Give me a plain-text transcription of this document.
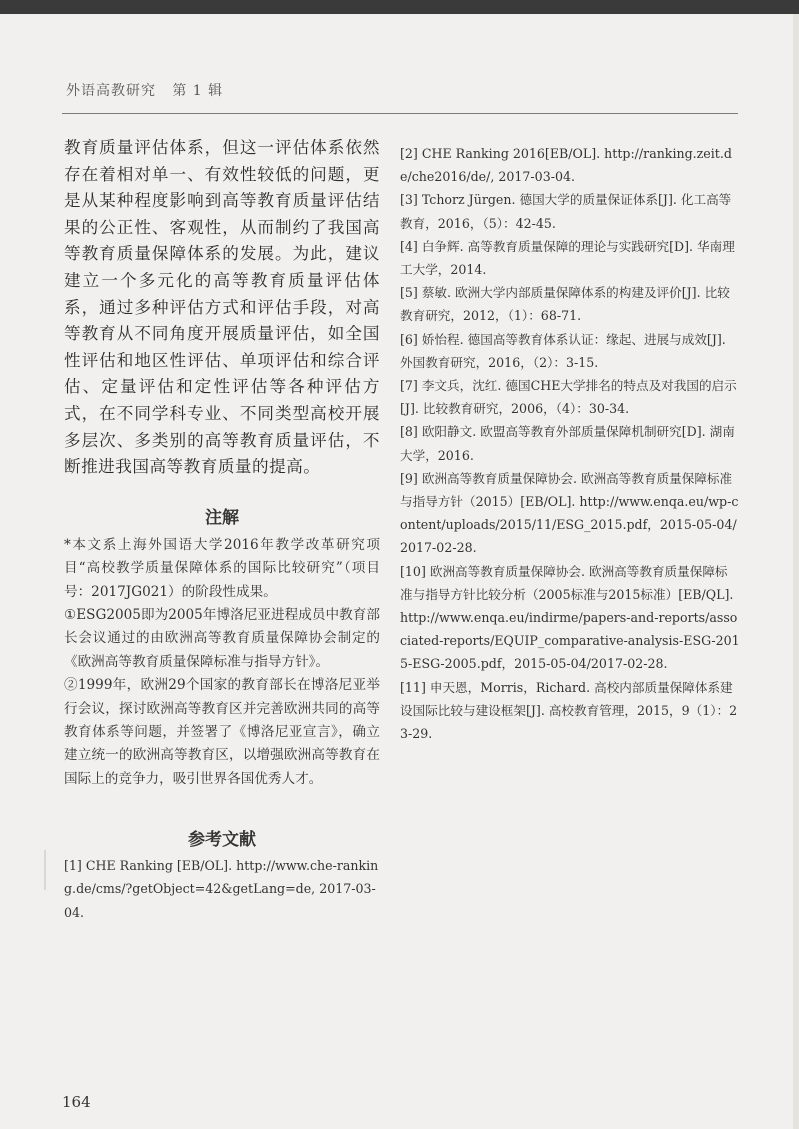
外语高教研究 第 1 辑

教育质量评估体系，但这一评估体系依然存在着相对单一、有效性较低的问题，更是从某种程度影响到高等教育质量评估结果的公正性、客观性，从而制约了我国高等教育质量保障体系的发展。为此，建议建立一个多元化的高等教育质量评估体系，通过多种评估方式和评估手段，对高等教育从不同角度开展质量评估，如全国性评估和地区性评估、单项评估和综合评估、定量评估和定性评估等各种评估方式，在不同学科专业、不同类型高校开展多层次、多类别的高等教育质量评估，不断推进我国高等教育质量的提高。

注解

*本文系上海外国语大学2016年教学改革研究项目“高校教学质量保障体系的国际比较研究”（项目号：2017JG021）的阶段性成果。

①ESG2005即为2005年博洛尼亚进程成员中教育部长会议通过的由欧洲高等教育质量保障协会制定的《欧洲高等教育质量保障标准与指导方针》。

②1999年，欧洲29个国家的教育部长在博洛尼亚举行会议，探讨欧洲高等教育区并完善欧洲共同的高等教育体系等问题，并签署了《博洛尼亚宣言》，确立建立统一的欧洲高等教育区，以增强欧洲高等教育在国际上的竞争力，吸引世界各国优秀人才。

参考文献

[1] CHE Ranking [EB/OL]. http://www.che-ranking.de/cms/?getObject=42&getLang=de, 2017-03-04.

[2] CHE Ranking 2016[EB/OL]. http://ranking.zeit.de/che2016/de/, 2017-03-04.

[3] Tchorz Jürgen. 德国大学的质量保证体系[J]. 化工高等教育，2016，（5）：42-45.

[4] 白争辉. 高等教育质量保障的理论与实践研究[D]. 华南理工大学，2014.

[5] 蔡敏. 欧洲大学内部质量保障体系的构建及评价[J]. 比较教育研究，2012，（1）：68-71.

[6] 娇怡程. 德国高等教育体系认证：缘起、进展与成效[J]. 外国教育研究，2016，（2）：3-15.

[7] 李文兵，沈红. 德国CHE大学排名的特点及对我国的启示[J]. 比较教育研究，2006，（4）：30-34.

[8] 欧阳静文. 欧盟高等教育外部质量保障机制研究[D]. 湖南大学，2016.

[9] 欧洲高等教育质量保障协会. 欧洲高等教育质量保障标准与指导方针（2015）[EB/OL]. http://www.enqa.eu/wp-content/uploads/2015/11/ESG_2015.pdf，2015-05-04/2017-02-28.

[10] 欧洲高等教育质量保障协会. 欧洲高等教育质量保障标准与指导方针比较分析（2005标准与2015标准）[EB/QL]. http://www.enqa.eu/indirme/papers-and-reports/associated-reports/EQUIP_comparative-analysis-ESG-2015-ESG-2005.pdf，2015-05-04/2017-02-28.

[11] 申天恩，Morris，Richard. 高校内部质量保障体系建设国际比较与建设框架[J]. 高校教育管理，2015，9（1）：23-29.

164
